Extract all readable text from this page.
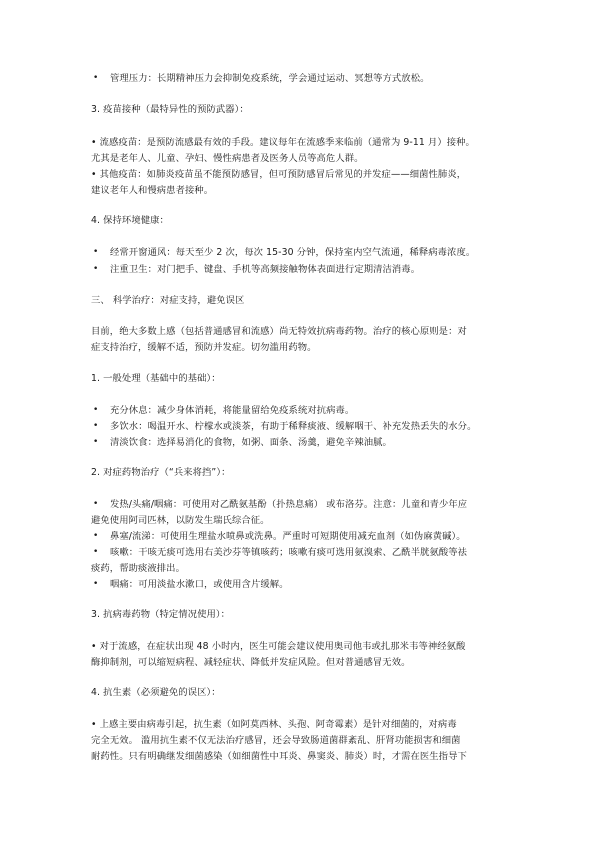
• 管理压力：长期精神压力会抑制免疫系统，学会通过运动、冥想等方式放松。
3. 疫苗接种（最特异性的预防武器）：
• 流感疫苗：是预防流感最有效的手段。建议每年在流感季来临前（通常为 9-11 月）接种。
尤其是老年人、儿童、孕妇、慢性病患者及医务人员等高危人群。
• 其他疫苗：如肺炎疫苗虽不能预防感冒，但可预防感冒后常见的并发症——细菌性肺炎，
建议老年人和慢病患者接种。
4. 保持环境健康：
• 经常开窗通风：每天至少 2 次，每次 15-30 分钟，保持室内空气流通，稀释病毒浓度。
• 注重卫生：对门把手、键盘、手机等高频接触物体表面进行定期清洁消毒。
三、 科学治疗：对症支持，避免误区
目前，绝大多数上感（包括普通感冒和流感）尚无特效抗病毒药物。治疗的核心原则是：对
症支持治疗，缓解不适，预防并发症。切勿滥用药物。
1. 一般处理（基础中的基础）：
• 充分休息：减少身体消耗，将能量留给免疫系统对抗病毒。
• 多饮水：喝温开水、柠檬水或淡茶，有助于稀释痰液、缓解咽干、补充发热丢失的水分。
• 清淡饮食：选择易消化的食物，如粥、面条、汤羹，避免辛辣油腻。
2. 对症药物治疗（“兵来将挡”）：
• 发热/头痛/咽痛：可使用对乙酰氨基酚（扑热息痛） 或布洛芬。注意：儿童和青少年应
避免使用阿司匹林，以防发生瑞氏综合征。
• 鼻塞/流涕：可使用生理盐水喷鼻或洗鼻。严重时可短期使用减充血剂（如伪麻黄碱）。
• 咳嗽：干咳无痰可选用右美沙芬等镇咳药；咳嗽有痰可选用氨溴索、乙酰半胱氨酸等祛
痰药，帮助痰液排出。
• 咽痛：可用淡盐水漱口，或使用含片缓解。
3. 抗病毒药物（特定情况使用）：
• 对于流感，在症状出现 48 小时内，医生可能会建议使用奥司他韦或扎那米韦等神经氨酸
酶抑制剂，可以缩短病程、减轻症状、降低并发症风险。但对普通感冒无效。
4. 抗生素（必须避免的误区）：
• 上感主要由病毒引起，抗生素（如阿莫西林、头孢、阿奇霉素）是针对细菌的，对病毒
完全无效。 滥用抗生素不仅无法治疗感冒，还会导致肠道菌群紊乱、肝肾功能损害和细菌
耐药性。只有明确继发细菌感染（如细菌性中耳炎、鼻窦炎、肺炎）时，才需在医生指导下
